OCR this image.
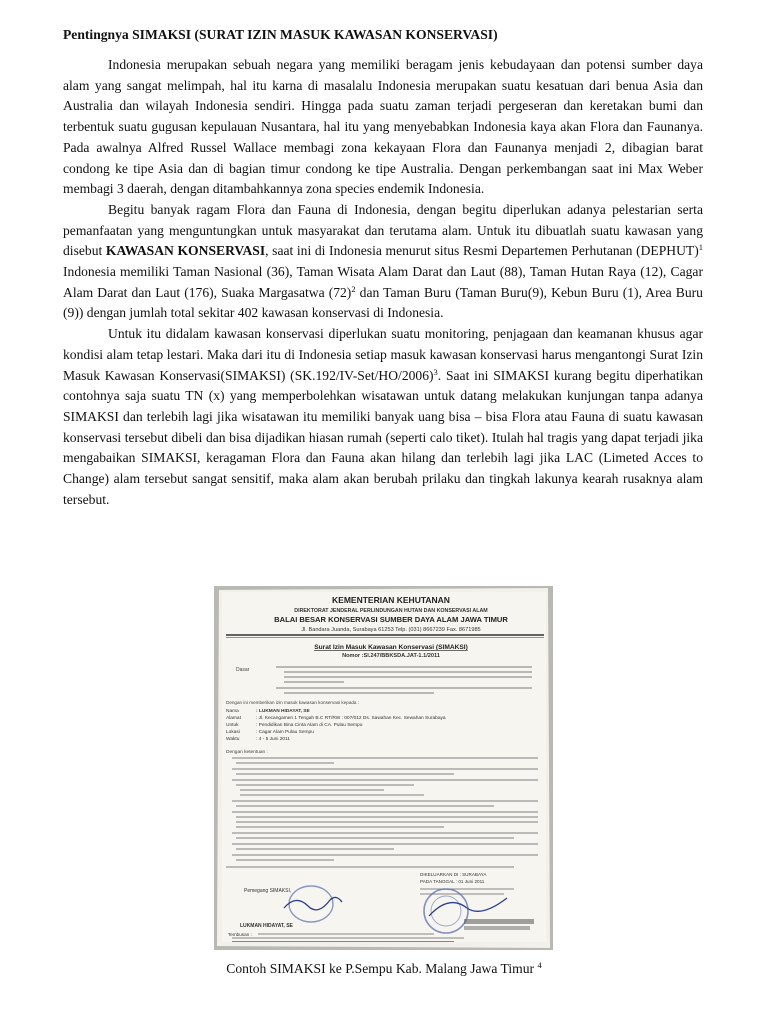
Pentingnya SIMAKSI (SURAT IZIN MASUK KAWASAN KONSERVASI)

Indonesia merupakan sebuah negara yang memiliki beragam jenis kebudayaan dan potensi sumber daya alam yang sangat melimpah, hal itu karna di masalalu Indonesia merupakan suatu kesatuan dari benua Asia dan Australia dan wilayah Indonesia sendiri. Hingga pada suatu zaman terjadi pergeseran dan keretakan bumi dan terbentuk suatu gugusan kepulauan Nusantara, hal itu yang menyebabkan Indonesia kaya akan Flora dan Faunanya. Pada awalnya Alfred Russel Wallace membagi zona kekayaan Flora dan Faunanya menjadi 2, dibagian barat condong ke tipe Asia dan di bagian timur condong ke tipe Australia. Dengan perkembangan saat ini Max Weber membagi 3 daerah, dengan ditambahkannya zona species endemik Indonesia.

Begitu banyak ragam Flora dan Fauna di Indonesia, dengan begitu diperlukan adanya pelestarian serta pemanfaatan yang menguntungkan untuk masyarakat dan terutama alam. Untuk itu dibuatlah suatu kawasan yang disebut KAWASAN KONSERVASI, saat ini di Indonesia menurut situs Resmi Departemen Perhutanan (DEPHUT)$^1$ Indonesia memiliki Taman Nasional (36), Taman Wisata Alam Darat dan Laut (88), Taman Hutan Raya (12), Cagar Alam Darat dan Laut (176), Suaka Margasatwa $(72)^2$ dan Taman Buru (Taman Buru(9), Kebun Buru (1), Area Buru (9)) dengan jumlah total sekitar 402 kawasan konservasi di Indonesia.

Untuk itu didalam kawasan konservasi diperlukan suatu monitoring, penjagaan dan keamanan khusus agar kondisi alam tetap lestari. Maka dari itu di Indonesia setiap masuk kawasan konservasi harus mengantongi Surat Izin Masuk Kawasan Konservasi(SIMAKSI) $(SK.192/IV-Set/HO/2006)^3$. Saat ini SIMAKSI kurang begitu diperhatikan contohnya saja suatu TN (x) yang memperbolehkan wisatawan untuk datang melakukan kunjungan tanpa adanya SIMAKSI dan terlebih lagi jika wisatawan itu memiliki banyak uang bisa – bisa Flora atau Fauna di suatu kawasan konservasi tersebut dibeli dan bisa dijadikan hiasan rumah (seperti calo tiket). Itulah hal tragis yang dapat terjadi jika mengabaikan SIMAKSI, keragaman Flora dan Fauna akan hilang dan terlebih lagi jika LAC (Limeted Acces to Change) alam tersebut sangat sensitif, maka alam akan berubah prilaku dan tingkah lakunya kearah rusaknya alam tersebut.

KEMENTERIAN KEHUTANAN
DIREKTORAT JENDERAL PERLINDUNGAN HUTAN DAN KONSERVASI ALAM
BALAI BESAR KONSERVASI SUMBER DAYA ALAM JAWA TIMUR
Jl. Bandara Juanda, Surabaya 61253 Telp. (031) 8667239 Fax. 8671985
Surat Izin Masuk Kawasan Konservasi (SIMAKSI)
Nomor :SI.247/BBKSDA.JAT-1.1/2011
Dasar
Dengan ini memberikan izin masuk kawasan konservasi kepada :
Nama	: LUKMAN HIDAYAT, SE
Alamat	: Jl. Kecangamen 1 Tengah B.C RT/RW : 007/012 Ds. Sawahan Kec. Sewahan Surabaya
Untuk	: Pendidikan Bina Cinta Alam di CA. Pulau Sempu
Lokasi	: Cagar Alam Pulau Sempu
Waktu	: 4 - 5 Juni 2011
Dengan ketentuan :
DIKELUARKAN DI : SURABAYA
PADA TANGGAL : 01 Juni 2011
Pemegang SIMAKSI,
LUKMAN HIDAYAT, SE
Tembusan :
Contoh SIMAKSI ke P.Sempu Kab. Malang Jawa Timur $^4$
